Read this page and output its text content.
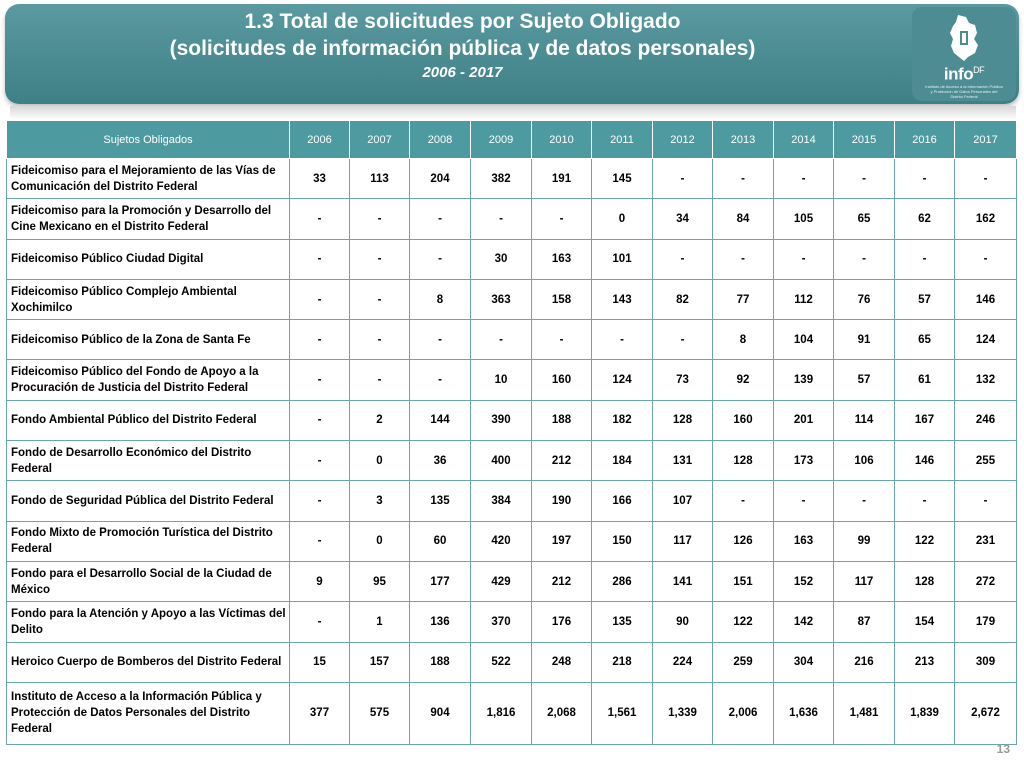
1.3 Total de solicitudes por Sujeto Obligado
(solicitudes de información pública y de datos personales)
2006 - 2017	info$^{DF}$
Instituto de Acceso a la Información Pública y Protección de Datos Personales del Distrito Federal
Sujetos Obligados	2006	2007	2008	2009	2010	2011	2012	2013	2014	2015	2016	2017
Fideicomiso para el Mejoramiento de las Vías de Comunicación del Distrito Federal	33	113	204	382	191	145	-	-	-	-	-	-
Fideicomiso para la Promoción y Desarrollo del Cine Mexicano en el Distrito Federal	-	-	-	-	-	0	34	84	105	65	62	162
Fideicomiso Público Ciudad Digital	-	-	-	30	163	101	-	-	-	-	-	-
Fideicomiso Público Complejo Ambiental Xochimilco	-	-	8	363	158	143	82	77	112	76	57	146
Fideicomiso Público de la Zona de Santa Fe	-	-	-	-	-	-	-	8	104	91	65	124
Fideicomiso Público del Fondo de Apoyo a la Procuración de Justicia del Distrito Federal	-	-	-	10	160	124	73	92	139	57	61	132
Fondo Ambiental Público del Distrito Federal	-	2	144	390	188	182	128	160	201	114	167	246
Fondo de Desarrollo Económico del Distrito Federal	-	0	36	400	212	184	131	128	173	106	146	255
Fondo de Seguridad Pública del Distrito Federal	-	3	135	384	190	166	107	-	-	-	-	-
Fondo Mixto de Promoción Turística del Distrito Federal	-	0	60	420	197	150	117	126	163	99	122	231
Fondo para el Desarrollo Social de la Ciudad de México	9	95	177	429	212	286	141	151	152	117	128	272
Fondo para la Atención y Apoyo a las Víctimas del Delito	-	1	136	370	176	135	90	122	142	87	154	179
Heroico Cuerpo de Bomberos del Distrito Federal	15	157	188	522	248	218	224	259	304	216	213	309
Instituto de Acceso a la Información Pública y Protección de Datos Personales del Distrito Federal	377	575	904	1,816	2,068	1,561	1,339	2,006	1,636	1,481	1,839	2,672
13
